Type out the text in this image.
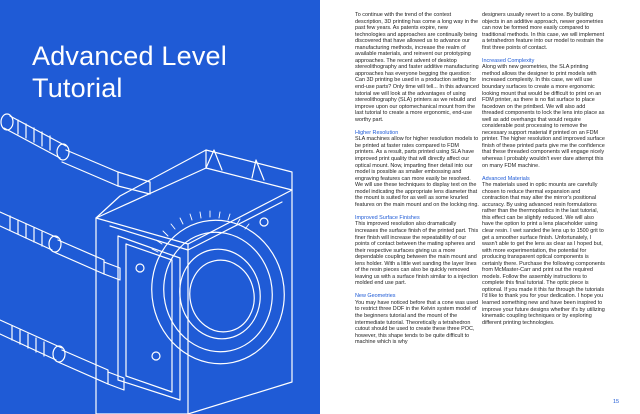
Advanced Level
Tutorial

To continue with the trend of the contest description, 3D printing has come a long way in the past few years. As patents expire, new technologies and approaches are continually being discovered that have allowed us to advance our manufacturing methods, increase the realm of available materials, and reinvent our prototyping approaches. The recent advent of desktop stereolithography and faster additive manufacturing approaches has everyone begging the question: Can 3D printing be used in a production setting for end-use parts? Only time will tell... In this advanced tutorial we will look at the advantages of using stereolithography (SLA) printers as we rebuild and improve upon our optomechanical mount from the last tutorial to create a more ergonomic, end-use worthy part.

Higher Resolution

SLA machines allow for higher resolution models to be printed at faster rates compared to FDM printers. As a result, parts printed using SLA have improved print quality that will directly affect our optical mount. Now, imparting finer detail into our model is possible as smaller embossing and engraving features can more easily be resolved. We will use these techniques to display text on the model indicating the appropriate lens diameter that the mount is suited for as well as some knurled features on the main mount and on the locking ring.

Improved Surface Finishes

This improved resolution also dramatically increases the surface finish of the printed part. This finer finish will increase the repeatability of our points of contact between the mating spheres and their respective surfaces giving us a more dependable coupling between the main mount and lens holder. With a little wet sanding the layer lines of the resin pieces can also be quickly removed leaving us with a surface finish similar to a injection molded end use part.

New Geometries

You may have noticed before that a cone was used to restrict three DOF in the Kelvin system model of the beginners tutorial and the mount of the intermediate tutorial. Theoretically a tetrahedron cutout should be used to create these three POC, however, this shape tends to be quite difficult to machine which is why

designers usually revert to a cone. By building objects in an additive approach, newer geometries can now be formed more easily compared to traditional methods. In this case, we will implement a tetrahedron feature into our model to restrain the first three points of contact.

Increased Complexity

Along with new geometries, the SLA printing method allows the designer to print models with increased complexity. In this case, we will use boundary surfaces to create a more ergonomic looking mount that would be difficult to print on an FDM printer, as there is no flat surface to place facedown on the printbed. We will also add threaded components to lock the lens into place as well as add overhangs that would require considerable post processing to remove the necessary support material if printed on an FDM printer. The higher resolution and improved surface finish of these printed parts give me the confidence that these threaded components will engage nicely whereas I probably wouldn't ever dare attempt this on many FDM machine.

Advanced Materials

The materials used in optic mounts are carefully chosen to reduce thermal expansion and contraction that may alter the mirror's positional accuracy. By using advanced resin formulations rather than the thermoplastics in the last tutorial, this effect can be slightly reduced. We will also have the option to print a lens placeholder using clear resin. I wet sanded the lens up to 1500 grit to get a smoother surface finish. Unfortunately, I wasn't able to get the lens as clear as I hoped but, with more experimentation, the potential for producing transparent optical components is certainly there. Purchase the following components from McMaster-Carr and print out the required models. Follow the assembly instructions to complete this final tutorial. The optic piece is optional. If you made it this far through the tutorials I'd like to thank you for your dedication. I hope you learned something new and have been inspired to improve your future designs whether it's by utilizing kinematic coupling techniques or by exploring different printing technologies.

15
